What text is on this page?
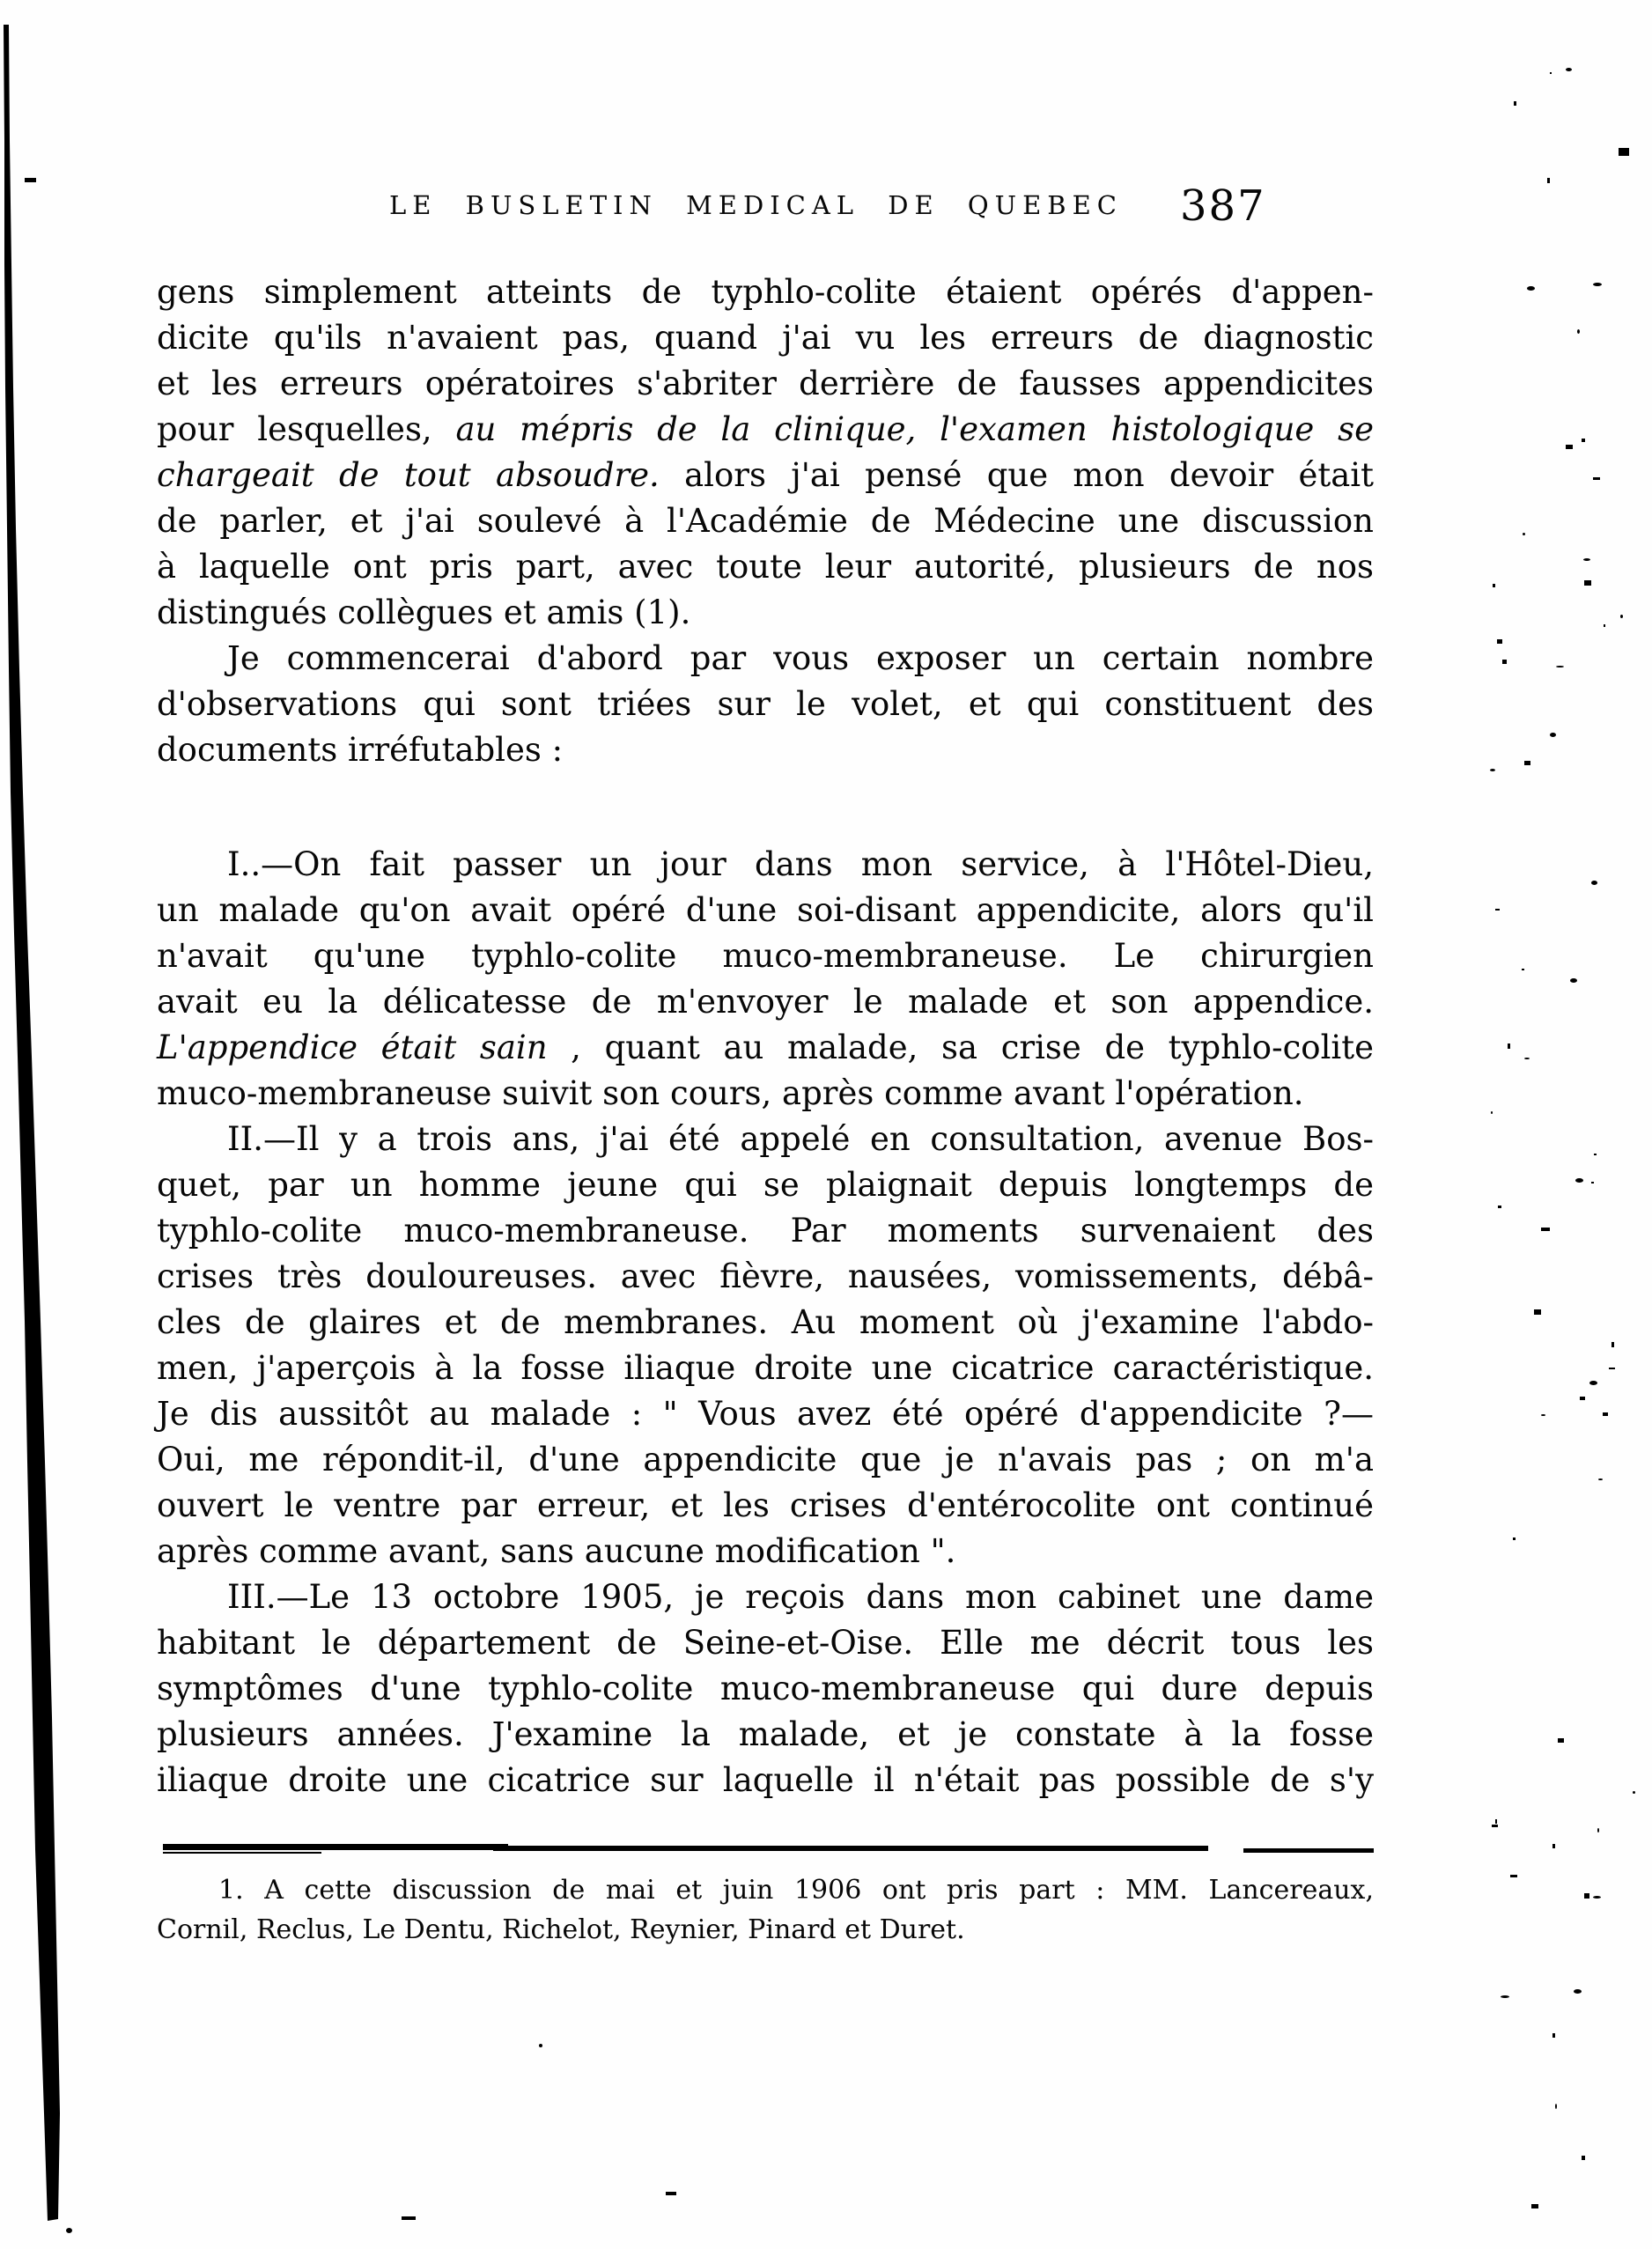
LE BUSLETIN MEDICAL DE QUEBEC 387
gens simplement atteints de typhlo-colite étaient opérés d'appen-
dicite qu'ils n'avaient pas, quand j'ai vu les erreurs de diagnostic
et les erreurs opératoires s'abriter derrière de fausses appendicites
pour lesquelles, au mépris de la clinique, l'examen histologique se
chargeait de tout absoudre. alors j'ai pensé que mon devoir était
de parler, et j'ai soulevé à l'Académie de Médecine une discussion
à laquelle ont pris part, avec toute leur autorité, plusieurs de nos
distingués collègues et amis (1).
Je commencerai d'abord par vous exposer un certain nombre
d'observations qui sont triées sur le volet, et qui constituent des
documents irréfutables :
I..—On fait passer un jour dans mon service, à l'Hôtel-Dieu,
un malade qu'on avait opéré d'une soi-disant appendicite, alors qu'il
n'avait qu'une typhlo-colite muco-membraneuse. Le chirurgien
avait eu la délicatesse de m'envoyer le malade et son appendice.
L'appendice était sain , quant au malade, sa crise de typhlo-colite
muco-membraneuse suivit son cours, après comme avant l'opération.
II.—Il y a trois ans, j'ai été appelé en consultation, avenue Bos-
quet, par un homme jeune qui se plaignait depuis longtemps de
typhlo-colite muco-membraneuse. Par moments survenaient des
crises très douloureuses. avec fièvre, nausées, vomissements, débâ-
cles de glaires et de membranes. Au moment où j'examine l'abdo-
men, j'aperçois à la fosse iliaque droite une cicatrice caractéristique.
Je dis aussitôt au malade : " Vous avez été opéré d'appendicite ?—
Oui, me répondit-il, d'une appendicite que je n'avais pas ; on m'a
ouvert le ventre par erreur, et les crises d'entérocolite ont continué
après comme avant, sans aucune modification ".
III.—Le 13 octobre 1905, je reçois dans mon cabinet une dame
habitant le département de Seine-et-Oise. Elle me décrit tous les
symptômes d'une typhlo-colite muco-membraneuse qui dure depuis
plusieurs années. J'examine la malade, et je constate à la fosse
iliaque droite une cicatrice sur laquelle il n'était pas possible de s'y
1. A cette discussion de mai et juin 1906 ont pris part : MM. Lancereaux,
Cornil, Reclus, Le Dentu, Richelot, Reynier, Pinard et Duret.
